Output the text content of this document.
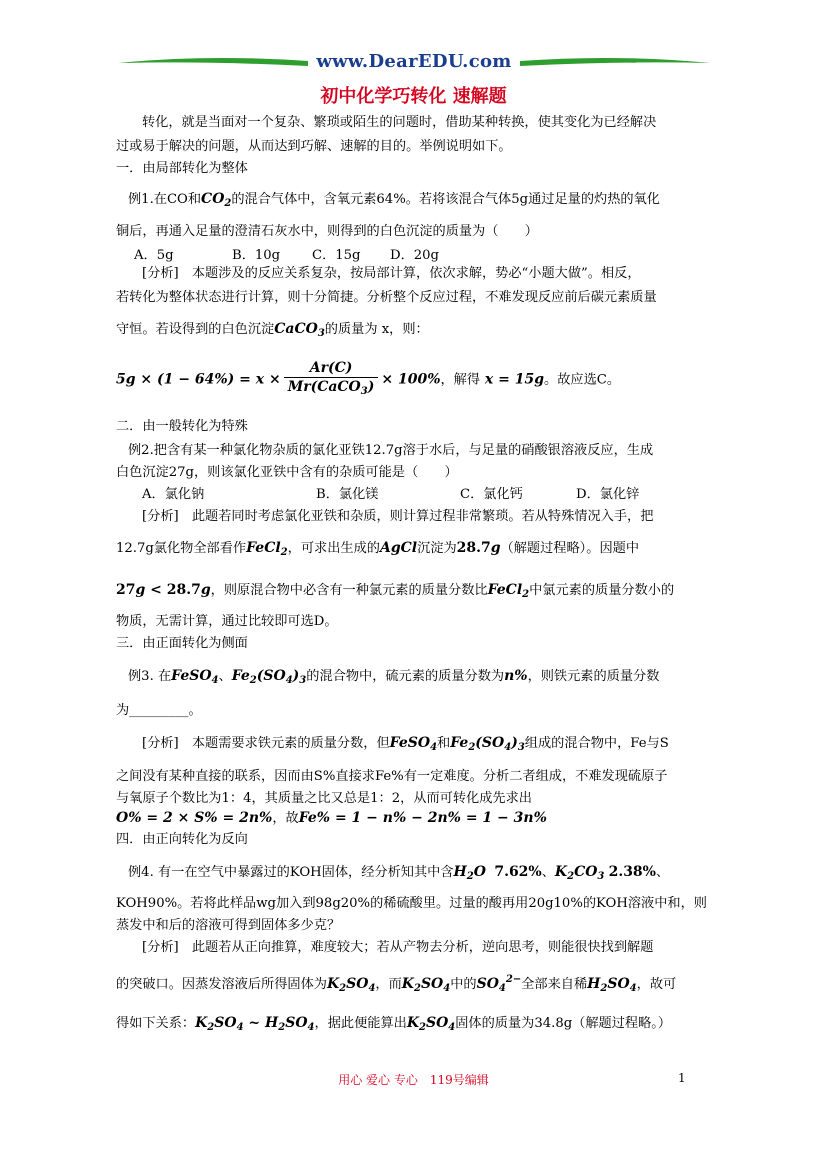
www.DearEDU.com
初中化学巧转化 速解题
转化，就是当面对一个复杂、繁琐或陌生的问题时，借助某种转换，使其变化为已经解决
过或易于解决的问题，从而达到巧解、速解的目的。举例说明如下。
一．由局部转化为整体
例1.在CO和$CO_2$的混合气体中，含氧元素64%。若将该混合气体5g通过足量的灼热的氧化
铜后，再通入足量的澄清石灰水中，则得到的白色沉淀的质量为（　　）
A．5g	B．10g C．15g D．20g
[分析]　本题涉及的反应关系复杂，按局部计算，依次求解，势必“小题大做”。相反，
若转化为整体状态进行计算，则十分简捷。分析整个反应过程，不难发现反应前后碳元素质量
守恒。若设得到的白色沉淀CaCO$_3$的质量为 x，则：
$5g \times (1 - 64\%) = x \times \frac{Ar(C)}{Mr(CaCO_3)} \times 100\%$，解得 x = 15g。故应选C。
二．由一般转化为特殊
例2.把含有某一种氯化物杂质的氯化亚铁12.7g溶于水后，与足量的硝酸银溶液反应，生成
白色沉淀27g，则该氯化亚铁中含有的杂质可能是（　　）
A．氯化钠	B．氯化镁	C．氯化钙	D．氯化锌
[分析]　此题若同时考虑氯化亚铁和杂质，则计算过程非常繁琐。若从特殊情况入手，把
12.7g氯化物全部看作FeCl$_2$，可求出生成的AgCl沉淀为28.7g（解题过程略）。因题中
27g < 28.7g，则原混合物中必含有一种氯元素的质量分数比FeCl$_2$中氯元素的质量分数小的
物质，无需计算，通过比较即可选D。
三．由正面转化为侧面
例3. 在FeSO$_4$、$Fe_2(SO_4)_3$的混合物中，硫元素的质量分数为n%，则铁元素的质量分数
为_________。
[分析]　本题需要求铁元素的质量分数，但FeSO$_4$和$Fe_2(SO_4)_3$组成的混合物中，Fe与S
之间没有某种直接的联系，因而由S%直接求Fe%有一定难度。分析二者组成，不难发现硫原子
与氧原子个数比为1：4，其质量之比又总是1：2，从而可转化成先求出
O% = 2 × S% = 2n%，故Fe% = 1 − n% − 2n% = 1 − 3n%
四．由正向转化为反向
例4. 有一在空气中暴露过的KOH固体，经分析知其中含$H_2O$ 7.62%、$K_2CO_3$ 2.38%、
KOH90%。若将此样品wg加入到98g20%的稀硫酸里。过量的酸再用20g10%的KOH溶液中和，则
蒸发中和后的溶液可得到固体多少克？
[分析]　此题若从正向推算，难度较大；若从产物去分析，逆向思考，则能很快找到解题
的突破口。因蒸发溶液后所得固体为$K_2SO_4$，而$K_2SO_4$中的$SO_4^{2-}$全部来自稀$H_2SO_4$，故可
得如下关系：$K_2SO_4$ ~ $H_2SO_4$，据此便能算出$K_2SO_4$固体的质量为34.8g（解题过程略。）
用心 爱心 专心　119号编辑	1
